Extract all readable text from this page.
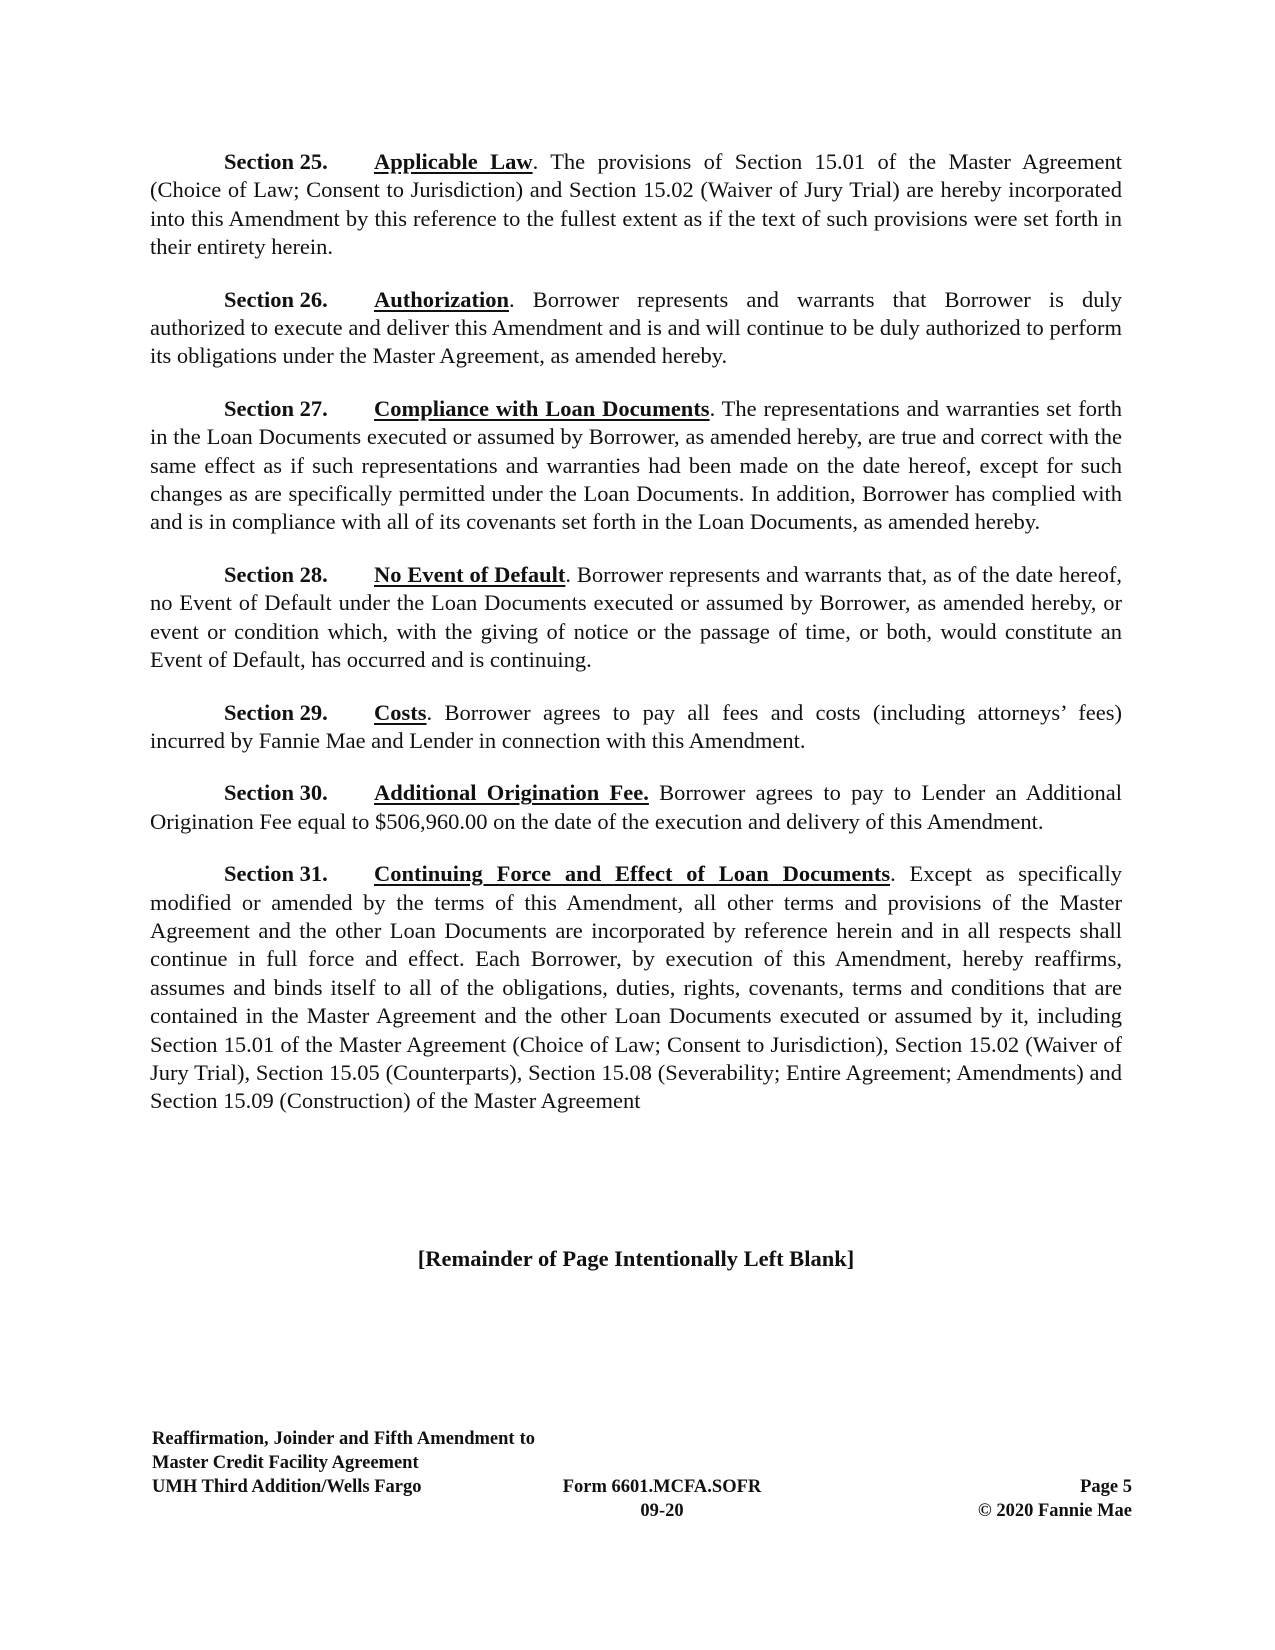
Section 25. Applicable Law. The provisions of Section 15.01 of the Master Agreement (Choice of Law; Consent to Jurisdiction) and Section 15.02 (Waiver of Jury Trial) are hereby incorporated into this Amendment by this reference to the fullest extent as if the text of such provisions were set forth in their entirety herein.

Section 26. Authorization. Borrower represents and warrants that Borrower is duly authorized to execute and deliver this Amendment and is and will continue to be duly authorized to perform its obligations under the Master Agreement, as amended hereby.

Section 27. Compliance with Loan Documents. The representations and warranties set forth in the Loan Documents executed or assumed by Borrower, as amended hereby, are true and correct with the same effect as if such representations and warranties had been made on the date hereof, except for such changes as are specifically permitted under the Loan Documents. In addition, Borrower has complied with and is in compliance with all of its covenants set forth in the Loan Documents, as amended hereby.

Section 28. No Event of Default. Borrower represents and warrants that, as of the date hereof, no Event of Default under the Loan Documents executed or assumed by Borrower, as amended hereby, or event or condition which, with the giving of notice or the passage of time, or both, would constitute an Event of Default, has occurred and is continuing.

Section 29. Costs. Borrower agrees to pay all fees and costs (including attorneys’ fees) incurred by Fannie Mae and Lender in connection with this Amendment.

Section 30. Additional Origination Fee. Borrower agrees to pay to Lender an Additional Origination Fee equal to $506,960.00 on the date of the execution and delivery of this Amendment.

Section 31. Continuing Force and Effect of Loan Documents. Except as specifically modified or amended by the terms of this Amendment, all other terms and provisions of the Master Agreement and the other Loan Documents are incorporated by reference herein and in all respects shall continue in full force and effect. Each Borrower, by execution of this Amendment, hereby reaffirms, assumes and binds itself to all of the obligations, duties, rights, covenants, terms and conditions that are contained in the Master Agreement and the other Loan Documents executed or assumed by it, including Section 15.01 of the Master Agreement (Choice of Law; Consent to Jurisdiction), Section 15.02 (Waiver of Jury Trial), Section 15.05 (Counterparts), Section 15.08 (Severability; Entire Agreement; Amendments) and Section 15.09 (Construction) of the Master Agreement

[Remainder of Page Intentionally Left Blank]
Reaffirmation, Joinder and Fifth Amendment to Master Credit Facility Agreement
UMH Third Addition/Wells Fargo	Form 6601.MCFA.SOFR
09-20
Page 5
© 2020 Fannie Mae
